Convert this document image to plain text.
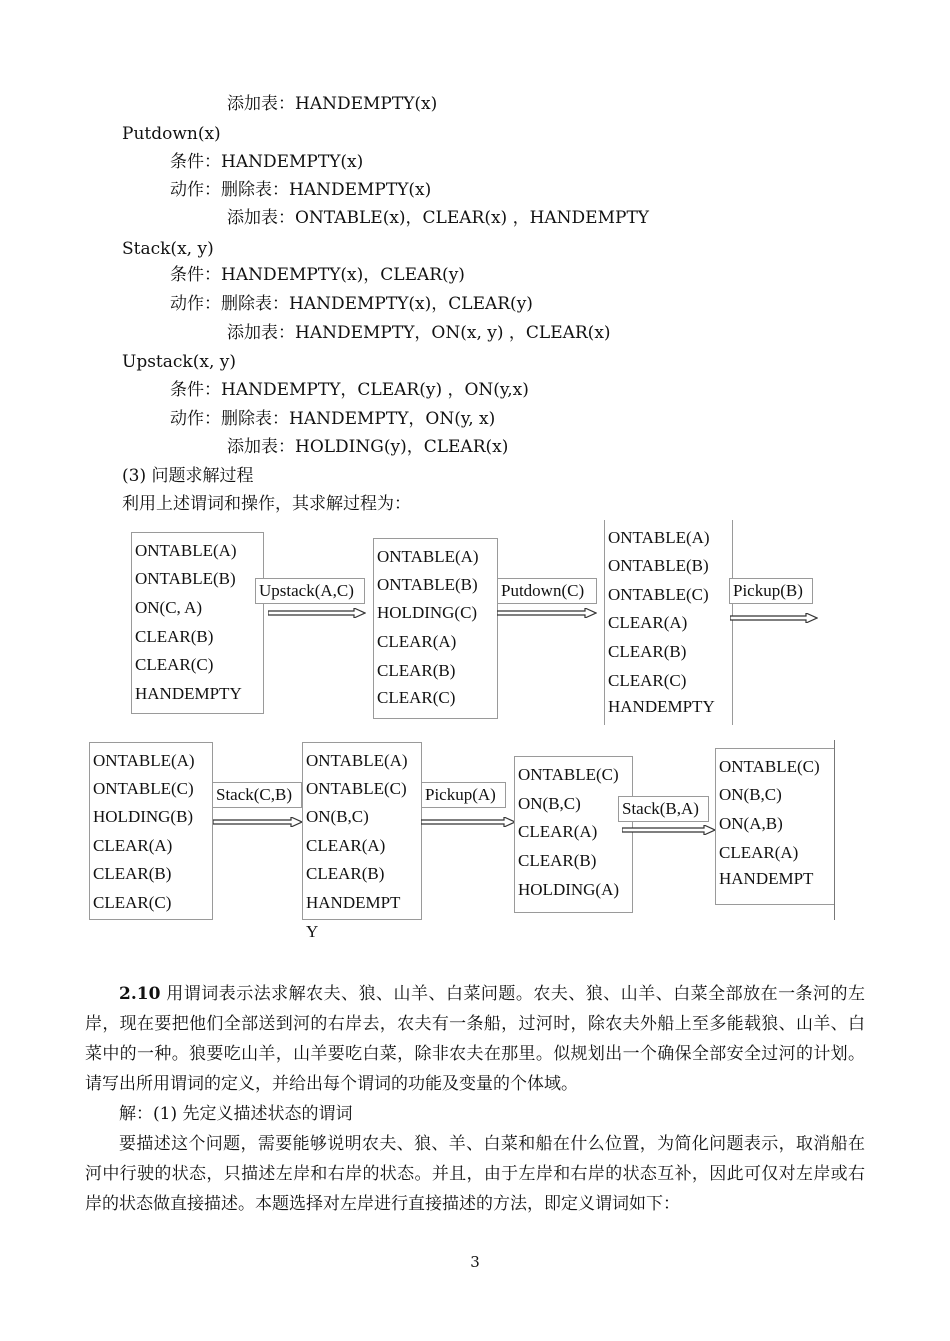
添加表：HANDEMPTY(x)
Putdown(x)
条件：HANDEMPTY(x)
动作：删除表：HANDEMPTY(x)
添加表：ONTABLE(x)，CLEAR(x) ，HANDEMPTY
Stack(x, y)
条件：HANDEMPTY(x)，CLEAR(y)
动作：删除表：HANDEMPTY(x)，CLEAR(y)
添加表：HANDEMPTY，ON(x, y) ，CLEAR(x)
Upstack(x, y)
条件：HANDEMPTY，CLEAR(y) ，ON(y,x)
动作：删除表：HANDEMPTY，ON(y, x)
添加表：HOLDING(y)，CLEAR(x)
(3) 问题求解过程
利用上述谓词和操作，其求解过程为：
ONTABLE(A)
ONTABLE(B)
ON(C, A)
CLEAR(B)
CLEAR(C)
HANDEMPTY
Upstack(A,C)
ONTABLE(A)
ONTABLE(B)
HOLDING(C)
CLEAR(A)
CLEAR(B)
CLEAR(C)
Putdown(C)
ONTABLE(A)
ONTABLE(B)
ONTABLE(C)
CLEAR(A)
CLEAR(B)
CLEAR(C)
HANDEMPTY
Pickup(B)
ONTABLE(A)
ONTABLE(C)
HOLDING(B)
CLEAR(A)
CLEAR(B)
CLEAR(C)
Stack(C,B)
ONTABLE(A)
ONTABLE(C)
ON(B,C)
CLEAR(A)
CLEAR(B)
HANDEMPT
Y
Pickup(A)
ONTABLE(C)
ON(B,C)
CLEAR(A)
CLEAR(B)
HOLDING(A)
Stack(B,A)
ONTABLE(C)
ON(B,C)
ON(A,B)
CLEAR(A)
HANDEMPT

2.10 用谓词表示法求解农夫、狼、山羊、白菜问题。农夫、狼、山羊、白菜全部放在一条河的左岸，现在要把他们全部送到河的右岸去，农夫有一条船，过河时，除农夫外船上至多能载狼、山羊、白菜中的一种。狼要吃山羊，山羊要吃白菜，除非农夫在那里。似规划出一个确保全部安全过河的计划。请写出所用谓词的定义，并给出每个谓词的功能及变量的个体域。

解：(1) 先定义描述状态的谓词

要描述这个问题，需要能够说明农夫、狼、羊、白菜和船在什么位置，为简化问题表示，取消船在河中行驶的状态，只描述左岸和右岸的状态。并且，由于左岸和右岸的状态互补，因此可仅对左岸或右岸的状态做直接描述。本题选择对左岸进行直接描述的方法，即定义谓词如下：

3
